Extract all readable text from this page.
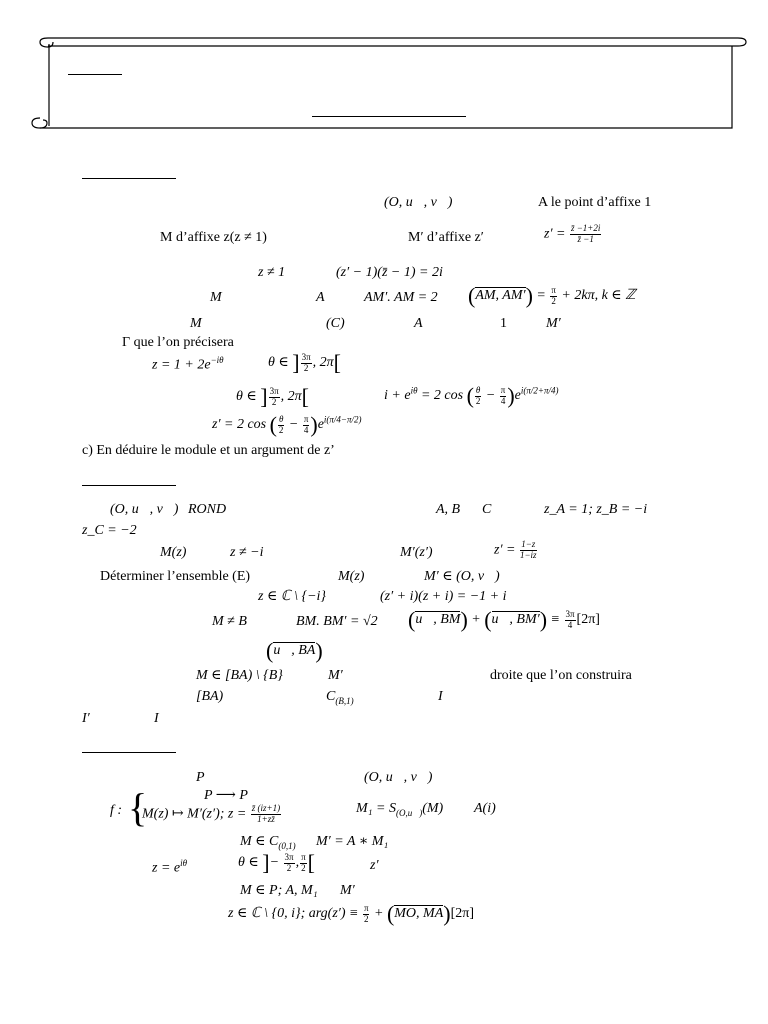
(O, u⃗, v⃗)	A le point d’affixe 1
M d’affixe z(z ≠ 1)	M′ d’affixe z′	$z' = \frac{z̄ -1+2i}{z̄ -1}$
z ≠ 1	(z′ − 1)(z̄ − 1) = 2i
M	A	AM′. AM = 2 (AM, $AM') = \frac{\pi}{2} + 2k\pi$, k ∈ ℤ
M	(C)	A	1	M′
Γ que l’on précisera
$z = 1 + 2e^{-i\theta}$	θ ∈ ] $\frac{3\pi}{2}$ , 2π[
θ ∈ ] $\frac{3\pi}{2}$ , 2π[	$i + e^{i\theta} = 2$ cos ( $\frac{\theta}{2} - \frac{\pi}{4} )e^{i(\pi/2+\pi/4)}$
z′ = 2 cos ( $\frac{\theta}{2} - \frac{\pi}{4} )e^{i(\pi/4-\pi/2)}$
c) En déduire le module et un argument de z’
(O, u⃗, v⃗) ROND	A, B C	z_A = 1; z_B = −i
z_C = −2
M(z)	z ≠ −i	M′(z′)	$z' = \frac{1-z}{1-iz}$
Déterminer l’ensemble (E)	M(z)	M′ ∈ (O, v⃗)
z ∈ ℂ \ {−i}	(z′ + i)(z + i) = −1 + i
M ≠ B	BM. BM′ = √2 (u⃗, BM) + (u⃗, $BM') \equiv \frac{3\pi}{4} [2\pi]$
(u⃗, BA)
M ∈ [BA) \ {B}	M′	droite que l’on construira
[BA)	$C_{(B,1)}$	I
I′	I
P	(O, u⃗, v⃗)
P ⟶ P
f : {
M(z) ↦ M′(z′); $z = \frac{z̄ (iz+1)}{1+zz̄}$	$M_1 = S_{(O,u⃗)}(M)$ A(i)
M ∈ $C_{(0,1)}$ M′ = A ∗ M₁
$z = e^{i\theta}$	θ ∈ ]− $\frac{3\pi}{2}$ , $\frac{\pi}{2}$ [	z′
M ∈ P; A, M₁ M′
z ∈ ℂ \ {0, i}; $arg(z') \equiv \frac{\pi}{2} + (MO$, MA)[2π]
